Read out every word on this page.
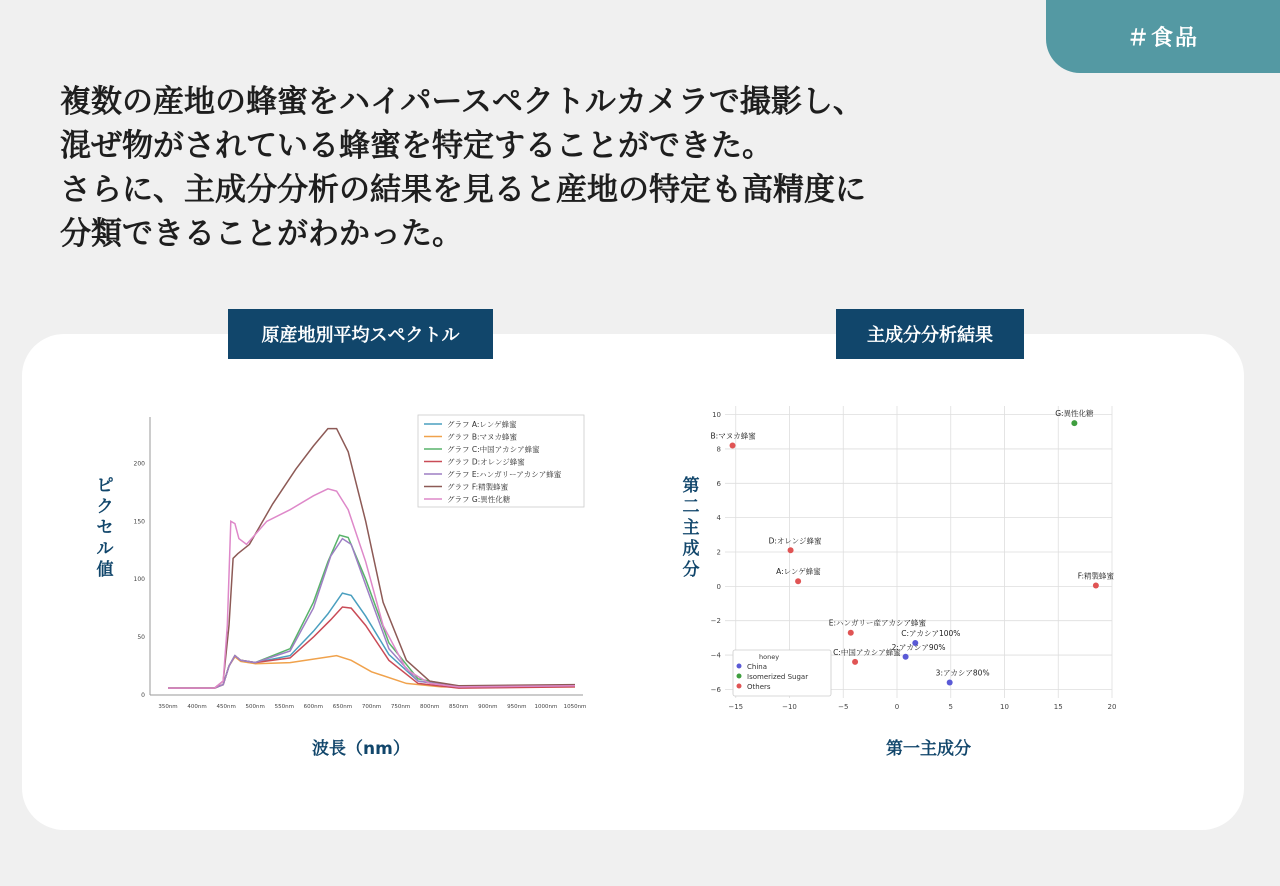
＃食品
複数の産地の蜂蜜をハイパースペクトルカメラで撮影し、
混ぜ物がされている蜂蜜を特定することができた。
さらに、主成分分析の結果を見ると産地の特定も高精度に
分類できることがわかった。
原産地別平均スペクトル	主成分分析結果
ピクセル値
波長（nm）
第二主成分
第一主成分
0
50
100
150
200
350nm 400nm 450nm 500nm 550nm 600nm 650nm 700nm 750nm 800nm 850nm 900nm 950nm 1000nm 1050nm
グラフ A:レンゲ蜂蜜
グラフ B:マヌカ蜂蜜
グラフ C:中国アカシア蜂蜜
グラフ D:オレンジ蜂蜜
グラフ E:ハンガリーアカシア蜂蜜
グラフ F:精製蜂蜜
グラフ G:異性化糖
−15	−10	−5	0	5	10	15	20
−6
−4
−2
0
2
4
6
8
10
B:マヌカ蜂蜜
G:異性化糖
D:オレンジ蜂蜜
A:レンゲ蜂蜜	F:精製蜂蜜
E:ハンガリー産アカシア蜂蜜
C:アカシア100%
C:中国アカシア蜂蜜
2:アカシア90%
3:アカシア80%
honey
China
Isomerized Sugar
Others
